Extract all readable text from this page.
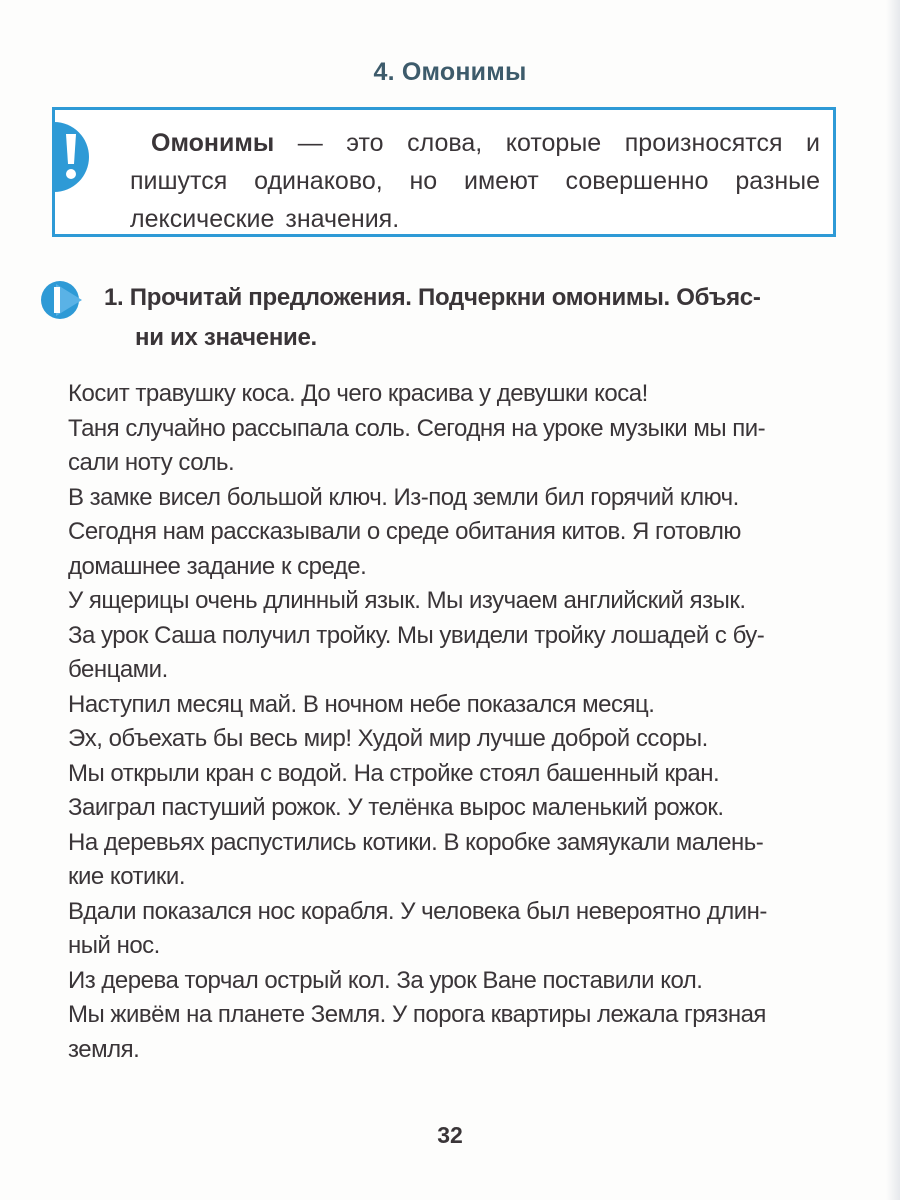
4. Омонимы

Омонимы — это слова, которые произносятся и пишутся одинаково, но имеют совершенно разные лексические значения.

1. Прочитай предложения. Подчеркни омонимы. Объяс-
ни их значение.
Косит травушку коса. До чего красива у девушки коса!
Таня случайно рассыпала соль. Сегодня на уроке музыки мы пи-
сали ноту соль.
В замке висел большой ключ. Из-под земли бил горячий ключ.
Сегодня нам рассказывали о среде обитания китов. Я готовлю
домашнее задание к среде.
У ящерицы очень длинный язык. Мы изучаем английский язык.
За урок Саша получил тройку. Мы увидели тройку лошадей с бу-
бенцами.
Наступил месяц май. В ночном небе показался месяц.
Эх, объехать бы весь мир! Худой мир лучше доброй ссоры.
Мы открыли кран с водой. На стройке стоял башенный кран.
Заиграл пастуший рожок. У телёнка вырос маленький рожок.
На деревьях распустились котики. В коробке замяукали малень-
кие котики.
Вдали показался нос корабля. У человека был невероятно длин-
ный нос.
Из дерева торчал острый кол. За урок Ване поставили кол.
Мы живём на планете Земля. У порога квартиры лежала грязная
земля.
32
